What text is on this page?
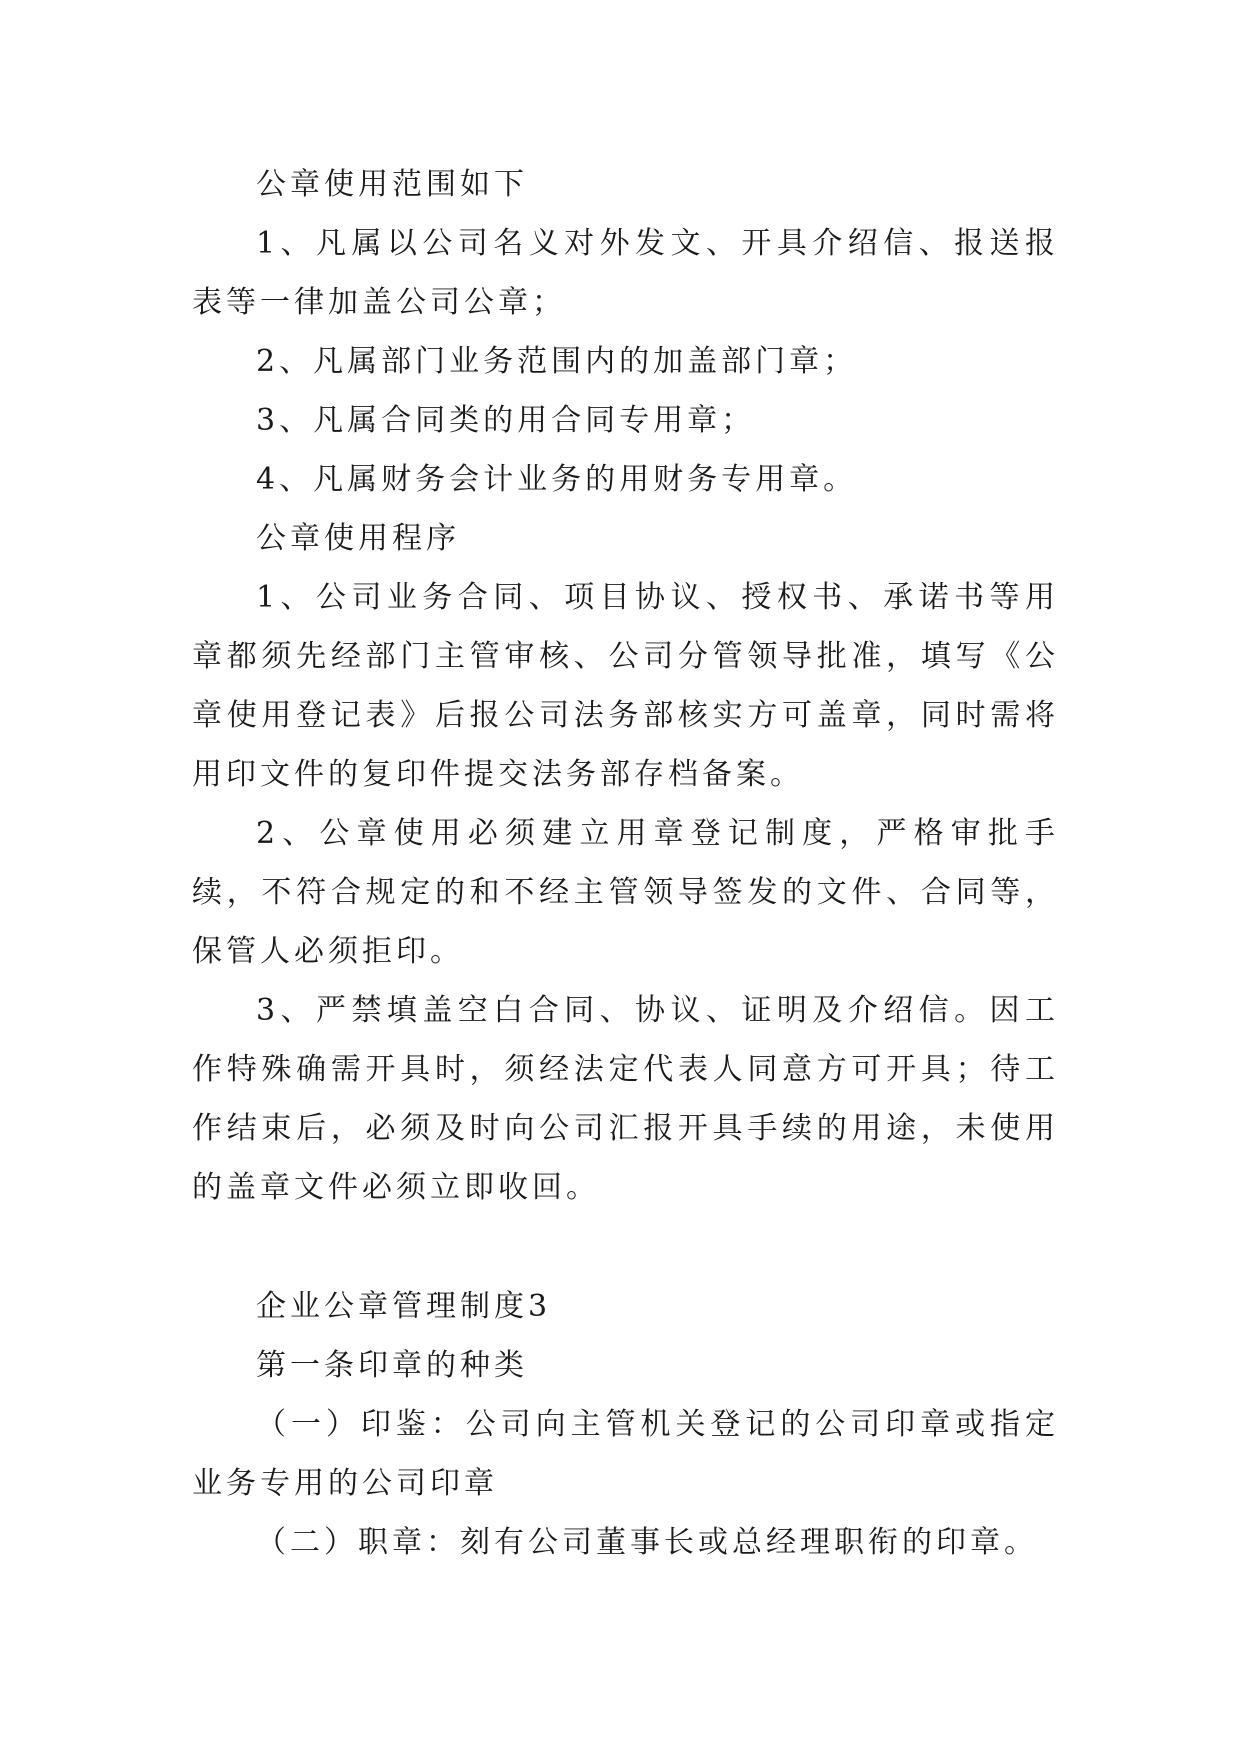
公章使用范围如下

1、凡属以公司名义对外发文、开具介绍信、报送报表等一律加盖公司公章；

2、凡属部门业务范围内的加盖部门章；

3、凡属合同类的用合同专用章；

4、凡属财务会计业务的用财务专用章。

公章使用程序

1、公司业务合同、项目协议、授权书、承诺书等用章都须先经部门主管审核、公司分管领导批准，填写《公章使用登记表》后报公司法务部核实方可盖章，同时需将用印文件的复印件提交法务部存档备案。

2、公章使用必须建立用章登记制度，严格审批手续，不符合规定的和不经主管领导签发的文件、合同等，保管人必须拒印。

3、严禁填盖空白合同、协议、证明及介绍信。因工作特殊确需开具时，须经法定代表人同意方可开具；待工作结束后，必须及时向公司汇报开具手续的用途，未使用的盖章文件必须立即收回。

企业公章管理制度3

第一条印章的种类

（一）印鉴：公司向主管机关登记的公司印章或指定业务专用的公司印章

（二）职章：刻有公司董事长或总经理职衔的印章。
